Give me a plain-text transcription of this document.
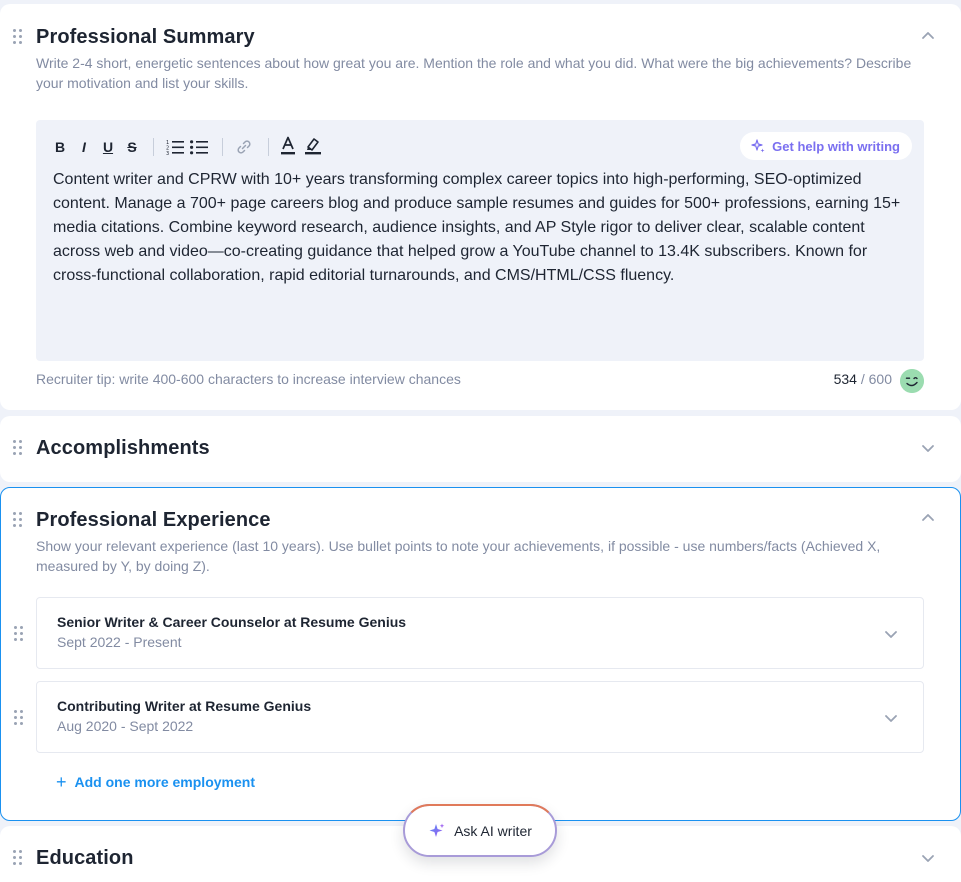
Professional Summary
Write 2-4 short, energetic sentences about how great you are. Mention the role and what you did. What were the big achievements? Describe your motivation and list your skills.
B	I	U S	1
2
3
Get help with writing
Content writer and CPRW with 10+ years transforming complex career topics into high-performing, SEO-optimized content. Manage a 700+ page careers blog and produce sample resumes and guides for 500+ professions, earning 15+ media citations. Combine keyword research, audience insights, and AP Style rigor to deliver clear, scalable content across web and video—co-creating guidance that helped grow a YouTube channel to 13.4K subscribers. Known for cross-functional collaboration, rapid editorial turnarounds, and CMS/HTML/CSS fluency.
Recruiter tip: write 400-600 characters to increase interview chances	534 / 600
Accomplishments
Professional Experience
Show your relevant experience (last 10 years). Use bullet points to note your achievements, if possible - use numbers/facts (Achieved X, measured by Y, by doing Z).
Senior Writer & Career Counselor at Resume Genius
Sept 2022 - Present
Contributing Writer at Resume Genius
Aug 2020 - Sept 2022
+ Add one more employment
Education
Ask AI writer
